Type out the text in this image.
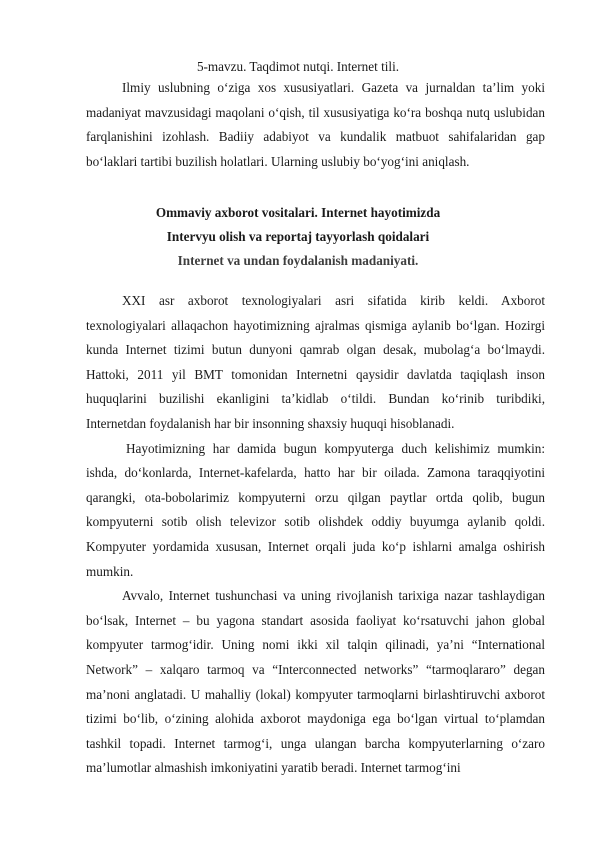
5-mavzu. Taqdimot nutqi. Internet tili.

Ilmiy uslubning o‘ziga xos xususiyatlari. Gazeta va jurnaldan ta’lim yoki madaniyat mavzusidagi maqolani o‘qish, til xususiyatiga ko‘ra boshqa nutq uslubidan farqlanishini izohlash. Badiiy adabiyot va kundalik matbuot sahifalaridan gap bo‘laklari tartibi buzilish holatlari. Ularning uslubiy bo‘yog‘ini aniqlash.

Ommaviy axborot vositalari. Internet hayotimizda
Intervyu olish va reportaj tayyorlash qoidalari
Internet va undan foydalanish madaniyati.

XXI asr axborot texnologiyalari asri sifatida kirib keldi. Axborot texnologiyalari allaqachon hayotimizning ajralmas qismiga aylanib bo‘lgan. Hozirgi kunda Internet tizimi butun dunyoni qamrab olgan desak, mubolag‘a bo‘lmaydi. Hattoki, 2011 yil BMT tomonidan Internetni qaysidir davlatda taqiqlash inson huquqlarini buzilishi ekanligini ta’kidlab o‘tildi. Bundan ko‘rinib turibdiki, Internetdan foydalanish har bir insonning shaxsiy huquqi hisoblanadi.

Hayotimizning har damida bugun kompyuterga duch kelishimiz mumkin: ishda, do‘konlarda, Internet-kafelarda, hatto har bir oilada. Zamona taraqqiyotini qarangki, ota-bobolarimiz kompyuterni orzu qilgan paytlar ortda qolib, bugun kompyuterni sotib olish televizor sotib olishdek oddiy buyumga aylanib qoldi. Kompyuter yordamida xususan, Internet orqali juda ko‘p ishlarni amalga oshirish mumkin.

Avvalo, Internet tushunchasi va uning rivojlanish tarixiga nazar tashlaydigan bo‘lsak, Internet – bu yagona standart asosida faoliyat ko‘rsatuvchi jahon global kompyuter tarmog‘idir. Uning nomi ikki xil talqin qilinadi, ya’ni “International Network” – xalqaro tarmoq va “Interconnected networks” “tarmoqlararo” degan ma’noni anglatadi. U mahalliy (lokal) kompyuter tarmoqlarni birlashtiruvchi axborot tizimi bo‘lib, o‘zining alohida axborot maydoniga ega bo‘lgan virtual to‘plamdan tashkil topadi. Internet tarmog‘i, unga ulangan barcha kompyuterlarning o‘zaro ma’lumotlar almashish imkoniyatini yaratib beradi. Internet tarmog‘ini
